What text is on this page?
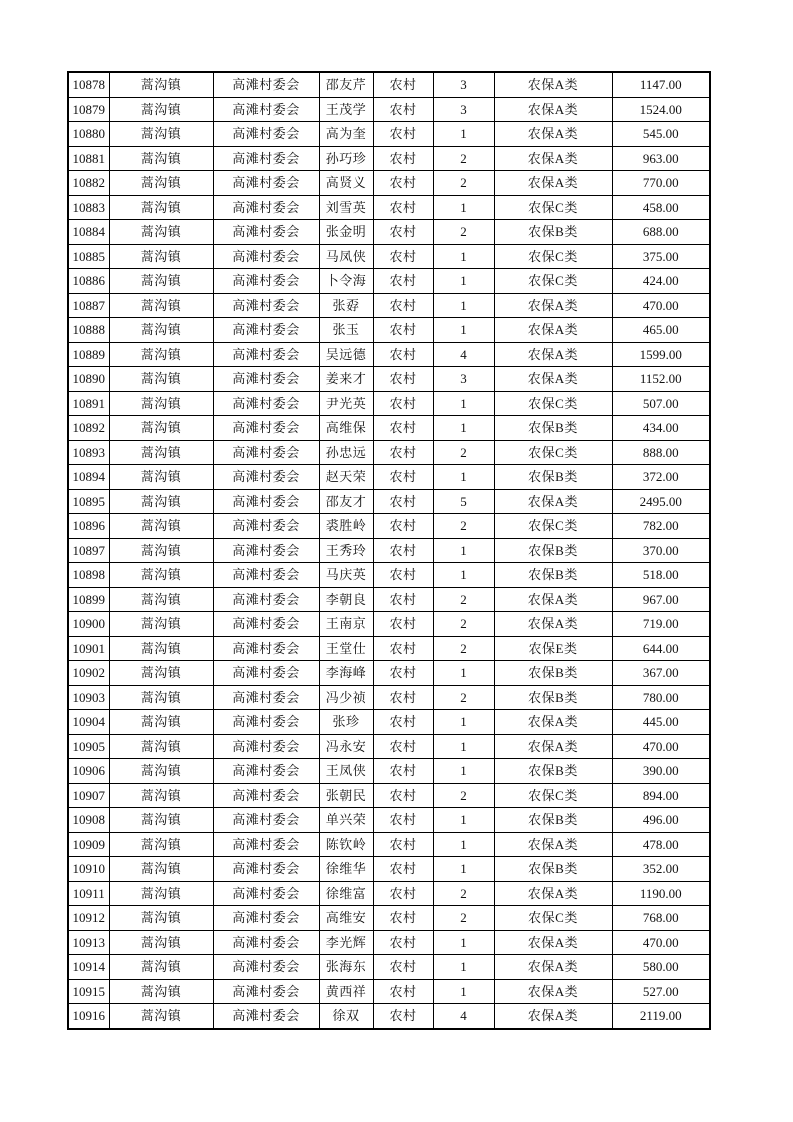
10878	蒿沟镇	高滩村委会	邵友芹	农村	3	农保A类	1147.00
10879	蒿沟镇	高滩村委会	王茂学	农村	3	农保A类	1524.00
10880	蒿沟镇	高滩村委会	高为奎	农村	1	农保A类	545.00
10881	蒿沟镇	高滩村委会	孙巧珍	农村	2	农保A类	963.00
10882	蒿沟镇	高滩村委会	高贤义	农村	2	农保A类	770.00
10883	蒿沟镇	高滩村委会	刘雪英	农村	1	农保C类	458.00
10884	蒿沟镇	高滩村委会	张金明	农村	2	农保B类	688.00
10885	蒿沟镇	高滩村委会	马凤侠	农村	1	农保C类	375.00
10886	蒿沟镇	高滩村委会	卜令海	农村	1	农保C类	424.00
10887	蒿沟镇	高滩村委会	张孬	农村	1	农保A类	470.00
10888	蒿沟镇	高滩村委会	张玉	农村	1	农保A类	465.00
10889	蒿沟镇	高滩村委会	吴远德	农村	4	农保A类	1599.00
10890	蒿沟镇	高滩村委会	姜来才	农村	3	农保A类	1152.00
10891	蒿沟镇	高滩村委会	尹光英	农村	1	农保C类	507.00
10892	蒿沟镇	高滩村委会	高维保	农村	1	农保B类	434.00
10893	蒿沟镇	高滩村委会	孙忠远	农村	2	农保C类	888.00
10894	蒿沟镇	高滩村委会	赵天荣	农村	1	农保B类	372.00
10895	蒿沟镇	高滩村委会	邵友才	农村	5	农保A类	2495.00
10896	蒿沟镇	高滩村委会	裘胜岭	农村	2	农保C类	782.00
10897	蒿沟镇	高滩村委会	王秀玲	农村	1	农保B类	370.00
10898	蒿沟镇	高滩村委会	马庆英	农村	1	农保B类	518.00
10899	蒿沟镇	高滩村委会	李朝良	农村	2	农保A类	967.00
10900	蒿沟镇	高滩村委会	王南京	农村	2	农保A类	719.00
10901	蒿沟镇	高滩村委会	王堂仕	农村	2	农保E类	644.00
10902	蒿沟镇	高滩村委会	李海峰	农村	1	农保B类	367.00
10903	蒿沟镇	高滩村委会	冯少祯	农村	2	农保B类	780.00
10904	蒿沟镇	高滩村委会	张珍	农村	1	农保A类	445.00
10905	蒿沟镇	高滩村委会	冯永安	农村	1	农保A类	470.00
10906	蒿沟镇	高滩村委会	王凤侠	农村	1	农保B类	390.00
10907	蒿沟镇	高滩村委会	张朝民	农村	2	农保C类	894.00
10908	蒿沟镇	高滩村委会	单兴荣	农村	1	农保B类	496.00
10909	蒿沟镇	高滩村委会	陈钦岭	农村	1	农保A类	478.00
10910	蒿沟镇	高滩村委会	徐维华	农村	1	农保B类	352.00
10911	蒿沟镇	高滩村委会	徐维富	农村	2	农保A类	1190.00
10912	蒿沟镇	高滩村委会	高维安	农村	2	农保C类	768.00
10913	蒿沟镇	高滩村委会	李光辉	农村	1	农保A类	470.00
10914	蒿沟镇	高滩村委会	张海东	农村	1	农保A类	580.00
10915	蒿沟镇	高滩村委会	黄西祥	农村	1	农保A类	527.00
10916	蒿沟镇	高滩村委会	徐双	农村	4	农保A类	2119.00
